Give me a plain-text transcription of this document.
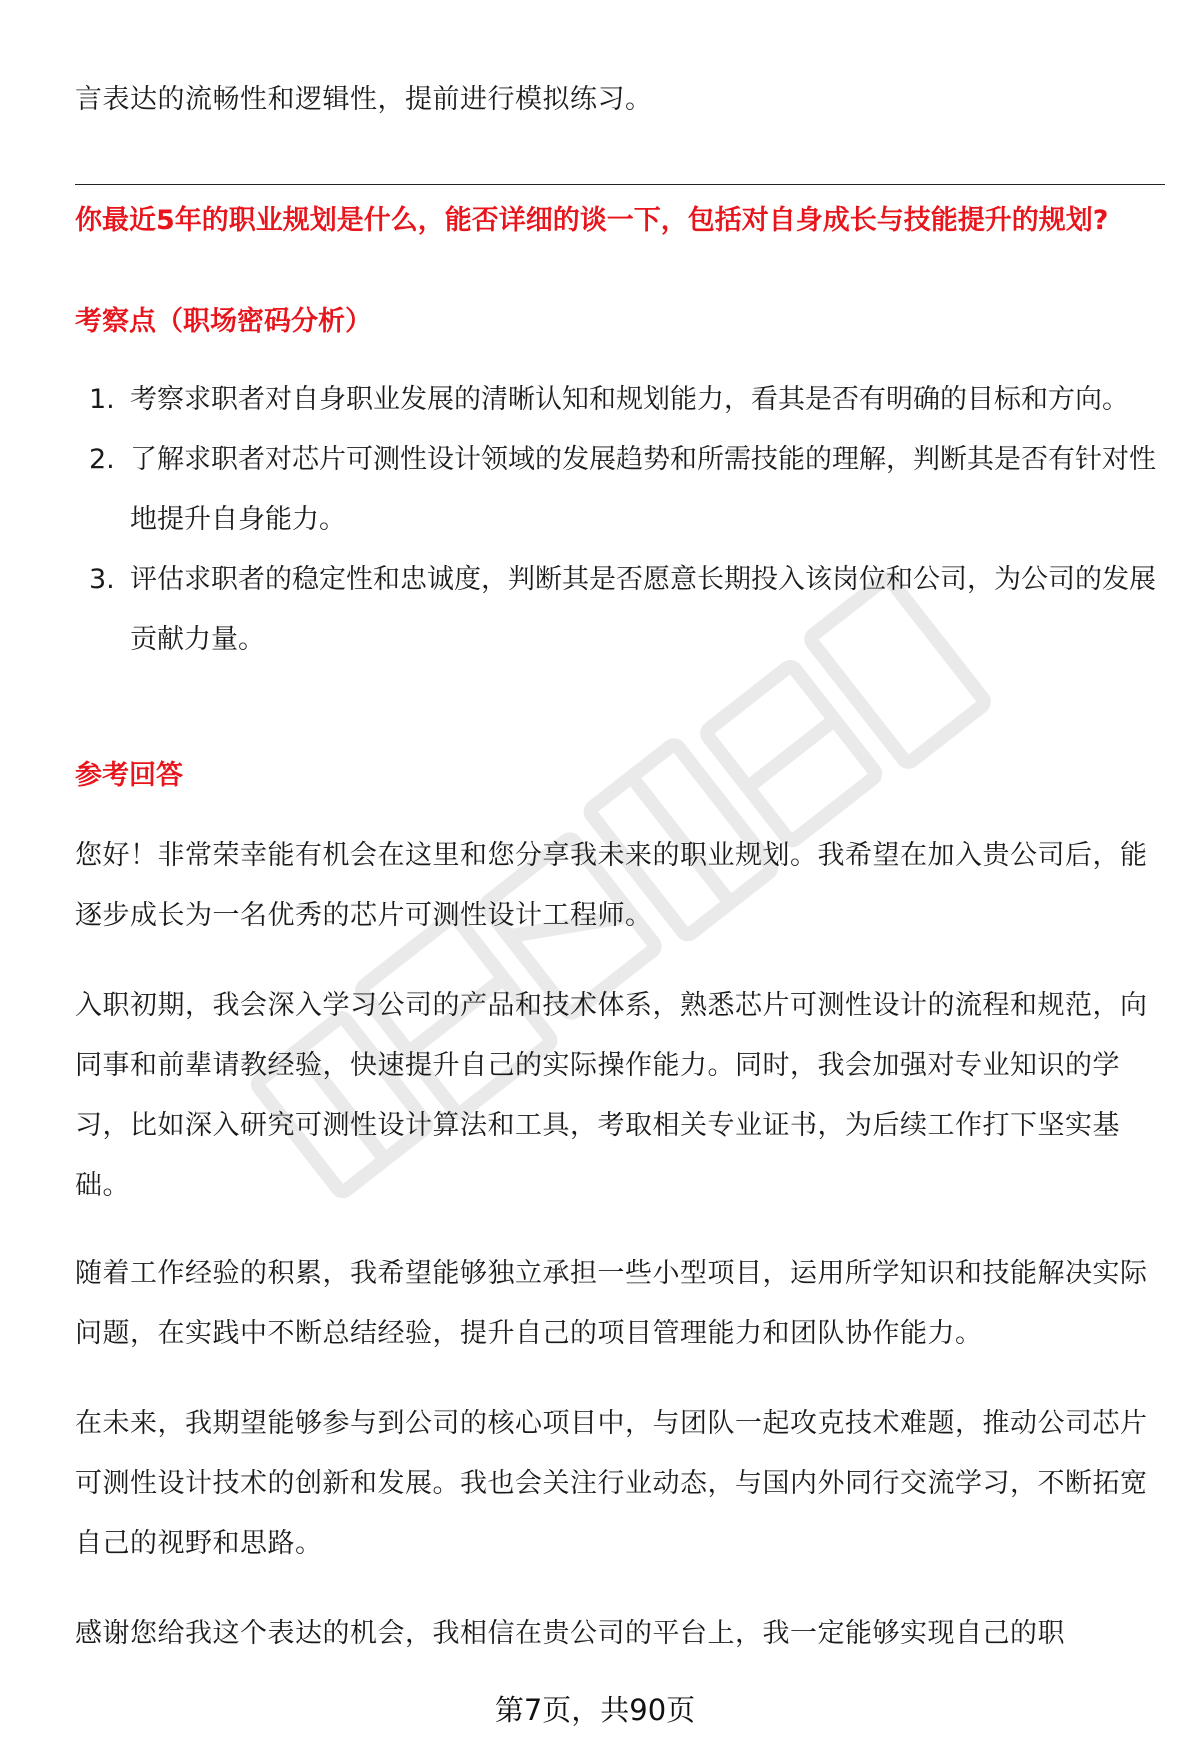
言表达的流畅性和逻辑性，提前进行模拟练习。

你最近5年的职业规划是什么，能否详细的谈一下，包括对自身成长与技能提升的规划?
考察点（职场密码分析）
1. 考察求职者对自身职业发展的清晰认知和规划能力，看其是否有明确的目标和方向。
2. 了解求职者对芯片可测性设计领域的发展趋势和所需技能的理解，判断其是否有针对性地提升自身能力。
3. 评估求职者的稳定性和忠诚度，判断其是否愿意长期投入该岗位和公司，为公司的发展贡献力量。
参考回答

您好！非常荣幸能有机会在这里和您分享我未来的职业规划。我希望在加入贵公司后，能逐步成长为一名优秀的芯片可测性设计工程师。

入职初期，我会深入学习公司的产品和技术体系，熟悉芯片可测性设计的流程和规范，向同事和前辈请教经验，快速提升自己的实际操作能力。同时，我会加强对专业知识的学习，比如深入研究可测性设计算法和工具，考取相关专业证书，为后续工作打下坚实基础。

随着工作经验的积累，我希望能够独立承担一些小型项目，运用所学知识和技能解决实际问题，在实践中不断总结经验，提升自己的项目管理能力和团队协作能力。

在未来，我期望能够参与到公司的核心项目中，与团队一起攻克技术难题，推动公司芯片可测性设计技术的创新和发展。我也会关注行业动态，与国内外同行交流学习，不断拓宽自己的视野和思路。

感谢您给我这个表达的机会，我相信在贵公司的平台上，我一定能够实现自己的职

第7页，共90页
